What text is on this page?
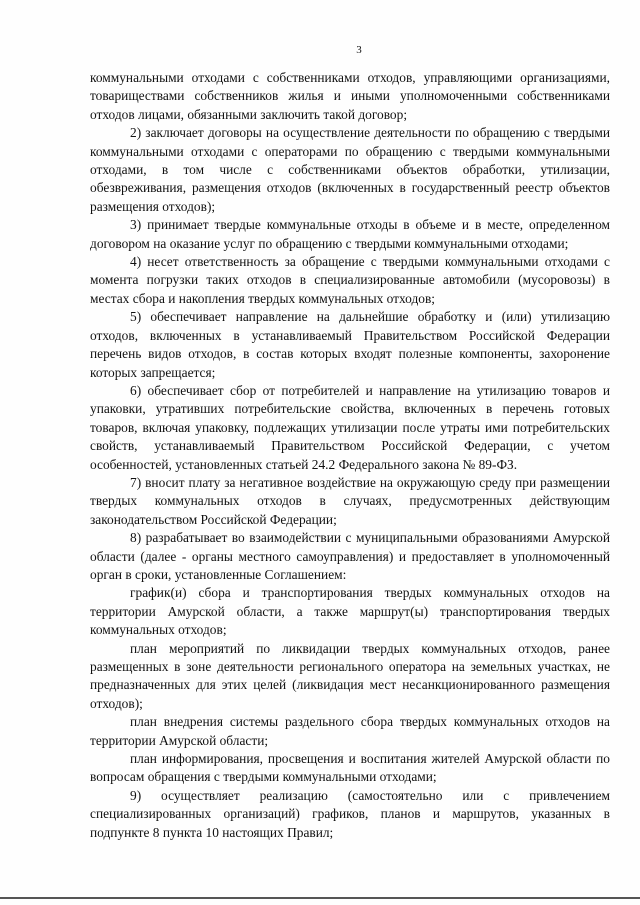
3

коммунальными отходами с собственниками отходов, управляющими организациями, товариществами собственников жилья и иными уполномоченными собственниками отходов лицами, обязанными заключить такой договор;

2) заключает договоры на осуществление деятельности по обращению с твердыми коммунальными отходами с операторами по обращению с твердыми коммунальными отходами, в том числе с собственниками объектов обработки, утилизации, обезвреживания, размещения отходов (включенных в государственный реестр объектов размещения отходов);

3) принимает твердые коммунальные отходы в объеме и в месте, определенном договором на оказание услуг по обращению с твердыми коммунальными отходами;

4) несет ответственность за обращение с твердыми коммунальными отходами с момента погрузки таких отходов в специализированные автомобили (мусоровозы) в местах сбора и накопления твердых коммунальных отходов;

5) обеспечивает направление на дальнейшие обработку и (или) утилизацию отходов, включенных в устанавливаемый Правительством Российской Федерации перечень видов отходов, в состав которых входят полезные компоненты, захоронение которых запрещается;

6) обеспечивает сбор от потребителей и направление на утилизацию товаров и упаковки, утративших потребительские свойства, включенных в перечень готовых товаров, включая упаковку, подлежащих утилизации после утраты ими потребительских свойств, устанавливаемый Правительством Российской Федерации, с учетом особенностей, установленных статьей 24.2 Федерального закона № 89-ФЗ.

7) вносит плату за негативное воздействие на окружающую среду при размещении твердых коммунальных отходов в случаях, предусмотренных действующим законодательством Российской Федерации;

8) разрабатывает во взаимодействии с муниципальными образованиями Амурской области (далее - органы местного самоуправления) и предоставляет в уполномоченный орган в сроки, установленные Соглашением:

график(и) сбора и транспортирования твердых коммунальных отходов на территории Амурской области, а также маршрут(ы) транспортирования твердых коммунальных отходов;

план мероприятий по ликвидации твердых коммунальных отходов, ранее размещенных в зоне деятельности регионального оператора на земельных участках, не предназначенных для этих целей (ликвидация мест несанкционированного размещения отходов);

план внедрения системы раздельного сбора твердых коммунальных отходов на территории Амурской области;

план информирования, просвещения и воспитания жителей Амурской области по вопросам обращения с твердыми коммунальными отходами;

9) осуществляет реализацию (самостоятельно или с привлечением специализированных организаций) графиков, планов и маршрутов, указанных в подпункте 8 пункта 10 настоящих Правил;
